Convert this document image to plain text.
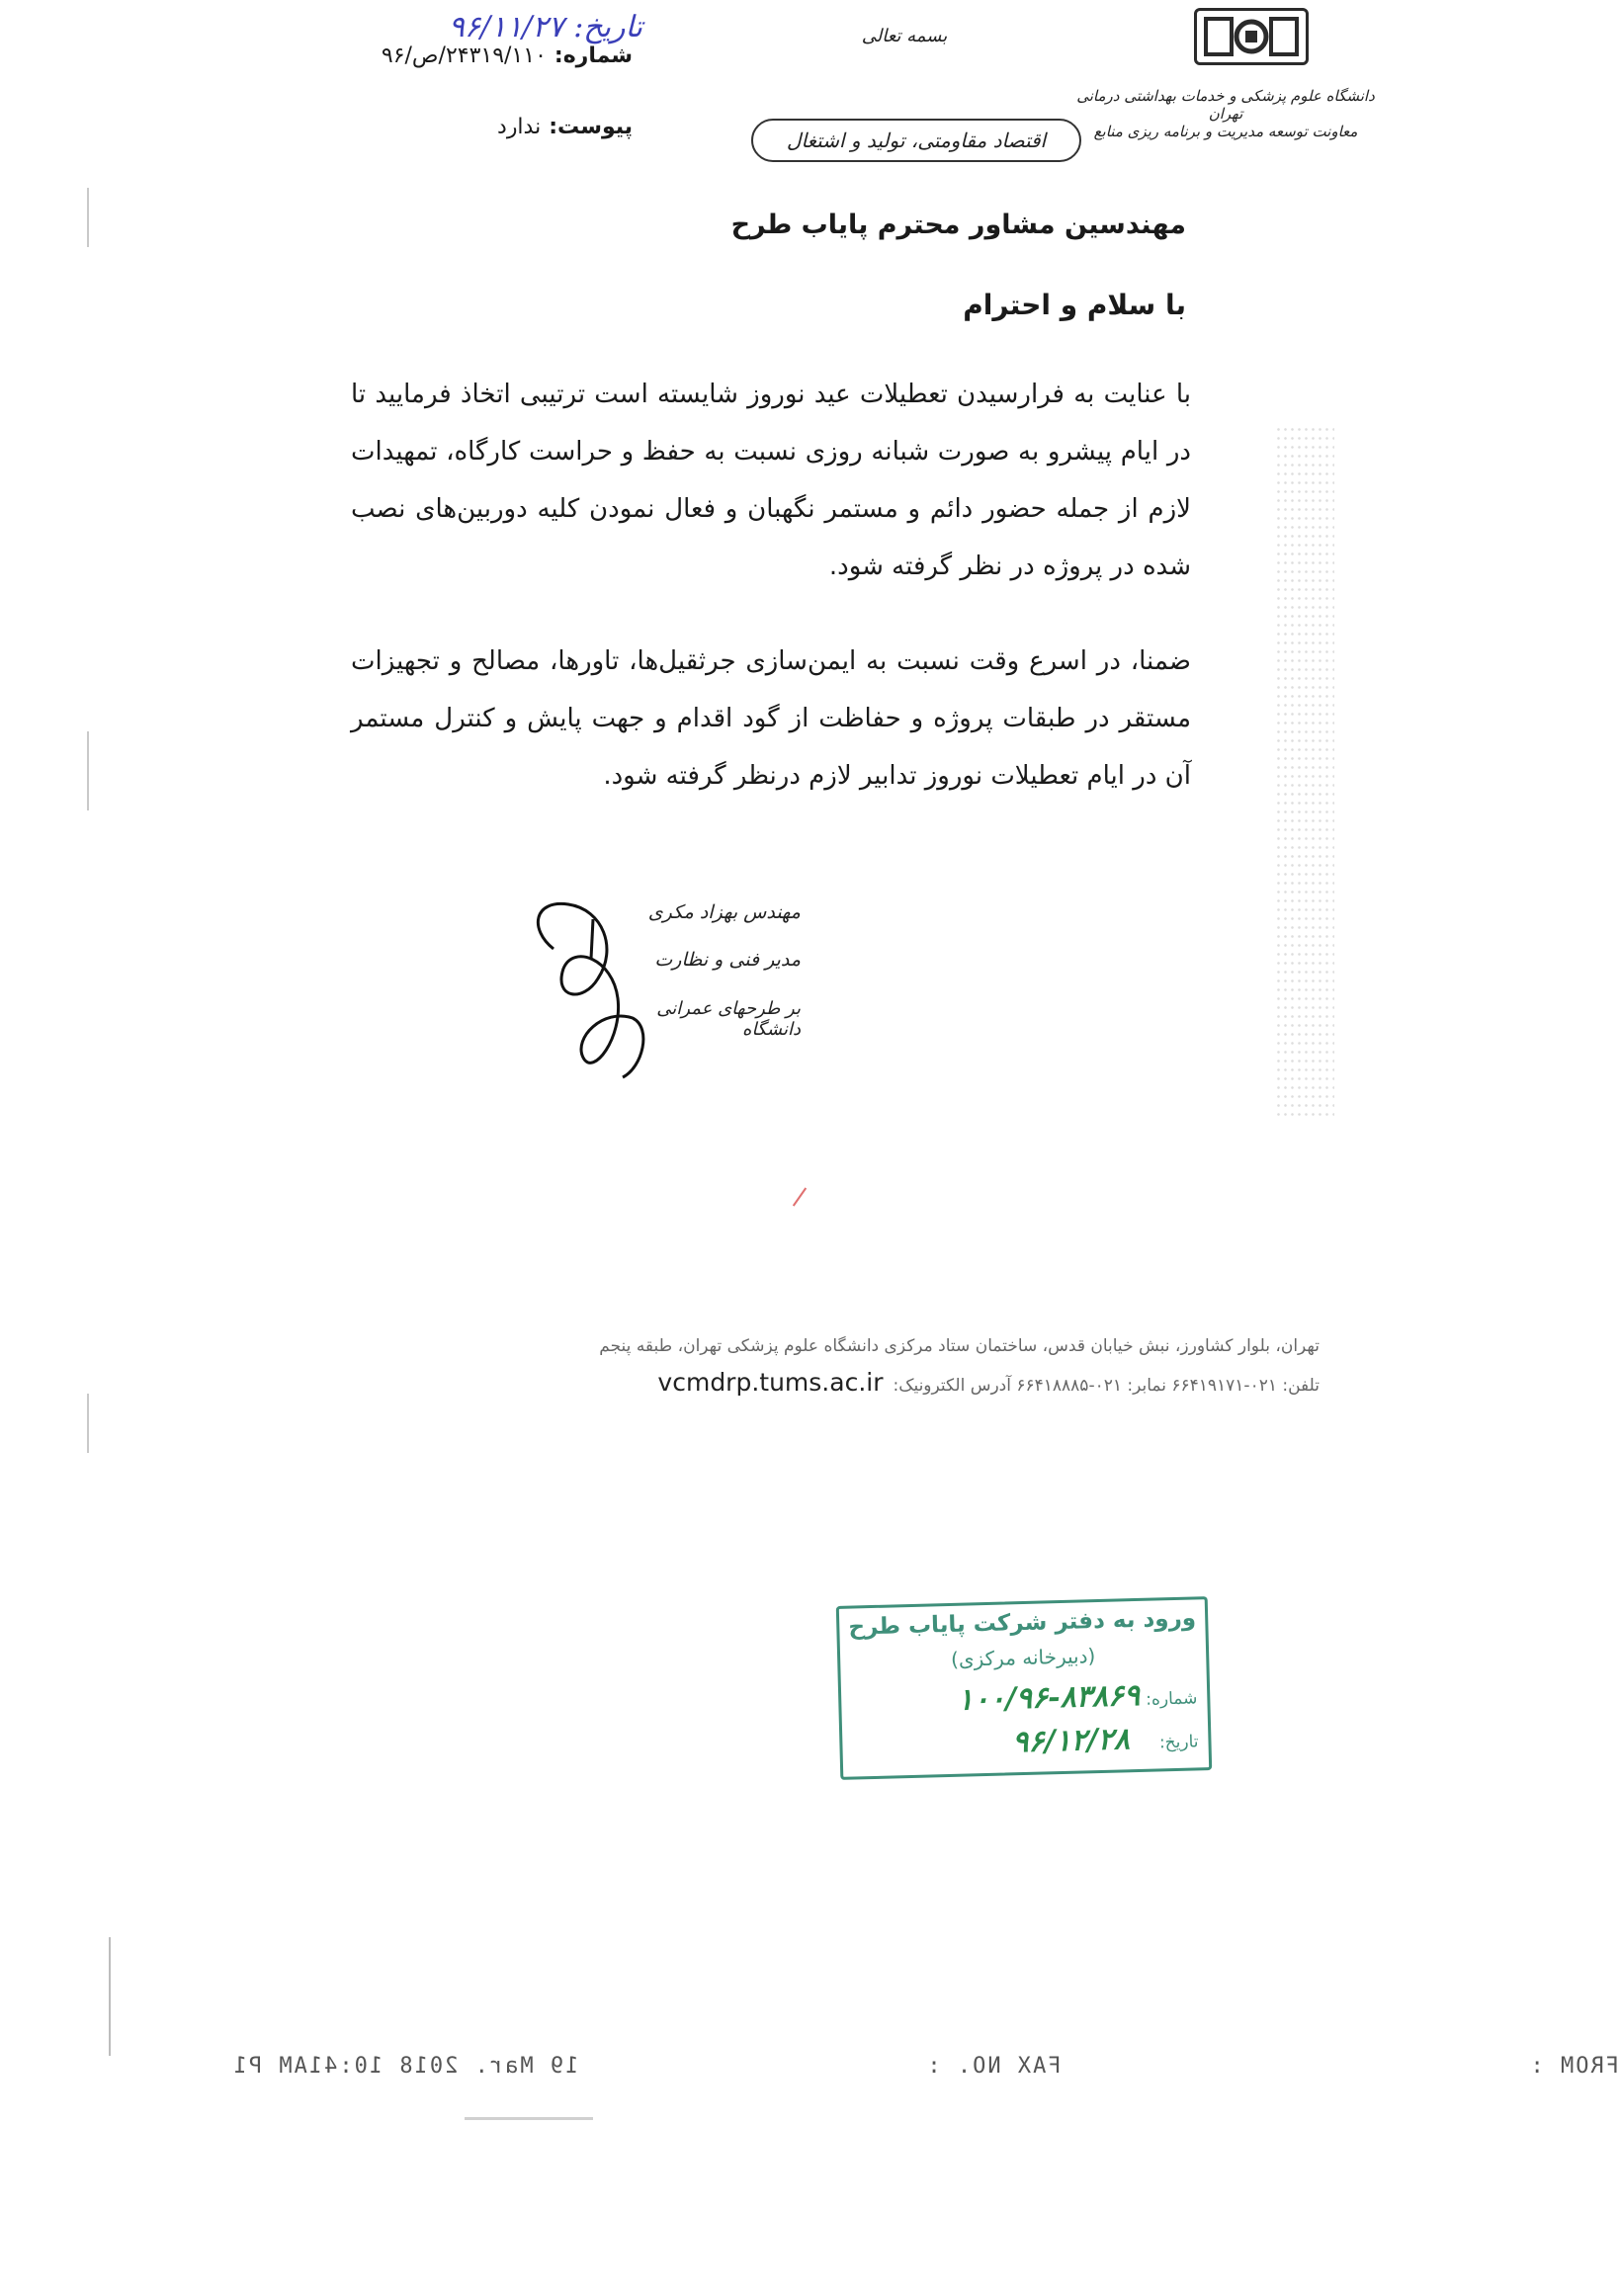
تاریخ: ۹۶/۱۱/۲۷
شماره:
۲۴۳۱۹/۱۱۰/ص/۹۶
پیوست:
ندارد
بسمه تعالی
اقتصاد مقاومتی، تولید و اشتغال
دانشگاه علوم پزشکی و خدمات بهداشتی درمانی تهران
معاونت توسعه مدیریت و برنامه ریزی منابع
مهندسین مشاور محترم پایاب طرح
با سلام و احترام
با عنایت به فرارسیدن تعطیلات عید نوروز شایسته است ترتیبی اتخاذ فرمایید تا در ایام پیشرو به صورت شبانه روزی نسبت به حفظ و حراست کارگاه، تمهیدات لازم از جمله حضور دائم و مستمر نگهبان و فعال نمودن کلیه دوربین‌های نصب شده در پروژه در نظر گرفته شود.
ضمنا، در اسرع وقت نسبت به ایمن‌سازی جرثقیل‌ها، تاورها، مصالح و تجهیزات مستقر در طبقات پروژه و حفاظت از گود اقدام و جهت پایش و کنترل مستمر آن در ایام تعطیلات نوروز تدابیر لازم درنظر گرفته شود.
مهندس بهزاد مکری
مدیر فنی و نظارت
بر طرحهای عمرانی دانشگاه
تهران، بلوار کشاورز، نبش خیابان قدس، ساختمان ستاد مرکزی دانشگاه علوم پزشکی تهران، طبقه پنجم
تلفن: ۰۲۱-۶۶۴۱۹۱۷۱ نمابر: ۰۲۱-۶۶۴۱۸۸۸۵ آدرس الکترونیک:
vcmdrp.tums.ac.ir
ورود به دفتر شرکت پایاب طرح
(دبیرخانه مرکزی)
شماره:
۱۰۰/۹۶-۸۳۸۶۹
تاریخ:
۹۶/۱۲/۲۸
19 Mar. 2018 10:41AM P1	FAX NO. :	FROM :
